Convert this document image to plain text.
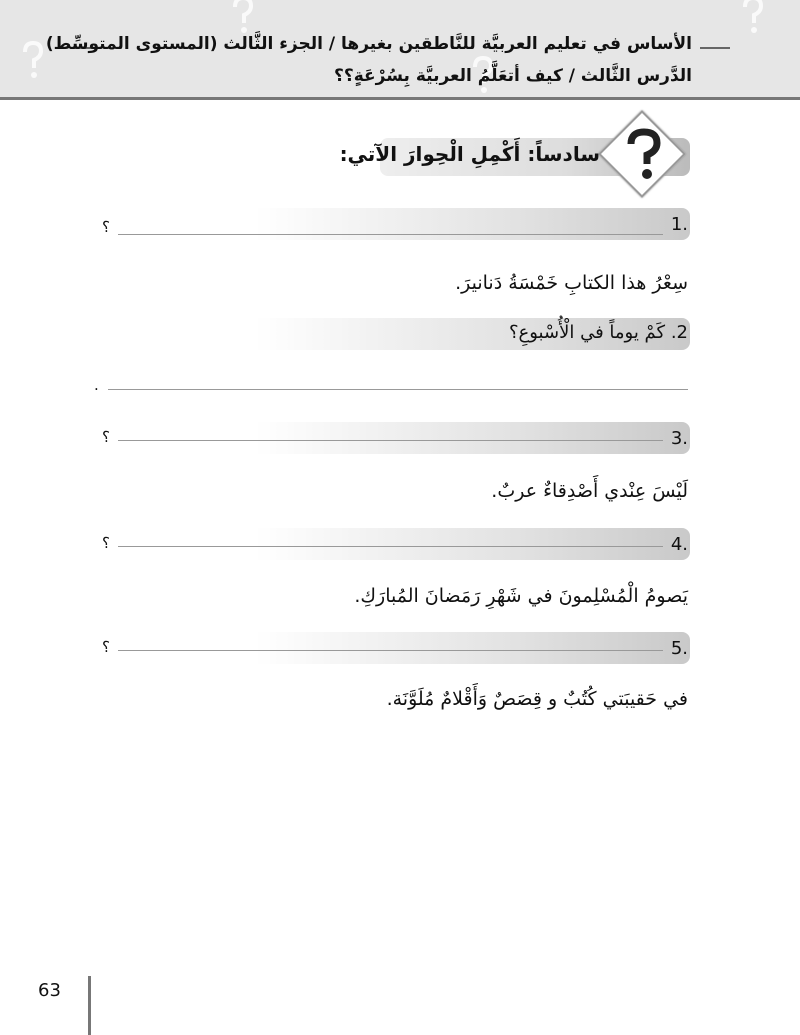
الأساس في تعليم العربيَّة للنَّاطقين بغيرها / الجزء الثَّالث (المستوى المتوسِّط)
الدَّرس الثَّالث / كيف أتعَلَّمُ العربيَّة بِسُرْعَةٍ؟؟
سادساً: أَكْمِلِ الْحِوارَ الآتي:
.1
؟
سِعْرُ هذا الكتابِ خَمْسَةُ دَنانيرَ.
2. كَمْ يوماً في الْأُسْبوعِ؟
.
.3
؟
لَيْسَ عِنْدي أَصْدِقاءٌ عربٌ.
.4
؟
يَصومُ الْمُسْلِمونَ في شَهْرِ رَمَضانَ المُبارَكِ.
.5
؟
في حَقيبَتي كُتُبٌ و قِصَصٌ وَأَقْلامٌ مُلَوَّنَة.
63
